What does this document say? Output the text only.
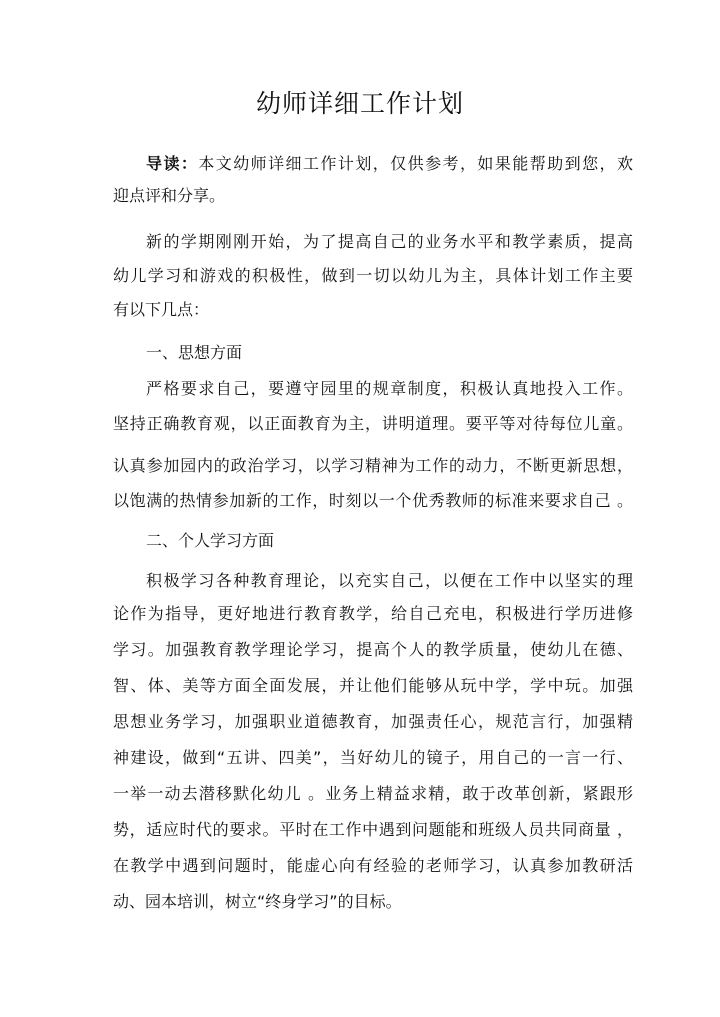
幼师详细工作计划
导读：本文幼师详细工作计划，仅供参考，如果能帮助到您，欢
迎点评和分享。
新的学期刚刚开始，为了提高自己的业务水平和教学素质，提高
幼儿学习和游戏的积极性，做到一切以幼儿为主，具体计划工作主要
有以下几点：
一、思想方面
严格要求自己，要遵守园里的规章制度，积极认真地投入工作。
坚持正确教育观，以正面教育为主，讲明道理。要平等对待每位儿童。
认真参加园内的政治学习，以学习精神为工作的动力，不断更新思想，
以饱满的热情参加新的工作，时刻以一个优秀教师的标准来要求自己 。
二、个人学习方面
积极学习各种教育理论，以充实自己，以便在工作中以坚实的理
论作为指导，更好地进行教育教学，给自己充电，积极进行学历进修
学习。加强教育教学理论学习，提高个人的教学质量，使幼儿在德、
智、体、美等方面全面发展，并让他们能够从玩中学，学中玩。加强
思想业务学习，加强职业道德教育，加强责任心，规范言行，加强精
神建设，做到“五讲、四美”，当好幼儿的镜子，用自己的一言一行、
一举一动去潜移默化幼儿 。业务上精益求精，敢于改革创新，紧跟形
势，适应时代的要求。平时在工作中遇到问题能和班级人员共同商量 ，
在教学中遇到问题时，能虚心向有经验的老师学习，认真参加教研活
动、园本培训，树立“终身学习”的目标。
